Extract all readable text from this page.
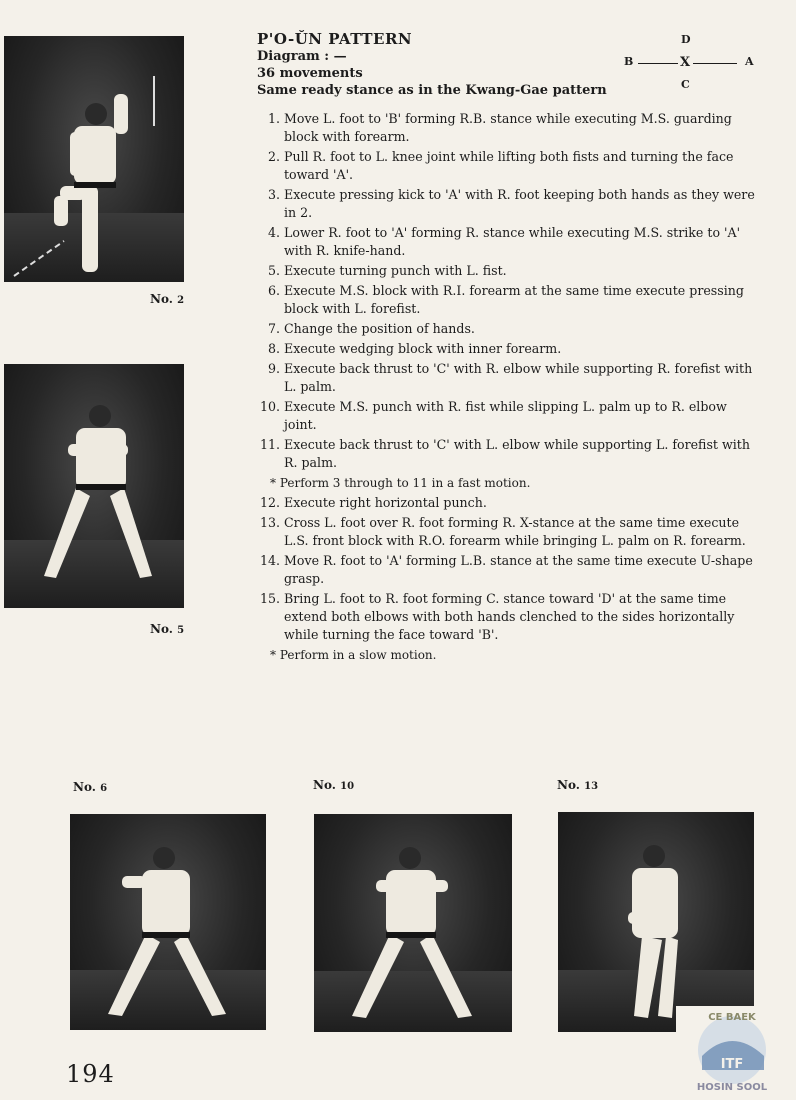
P'O-ŬN PATTERN
Diagram : —
36 movements
Same ready stance as in the Kwang-Gae pattern
D
B	X	A
C
1. Move L. foot to 'B' forming R.B. stance while executing M.S. guarding block with forearm.
2. Pull R. foot to L. knee joint while lifting both fists and turning the face toward 'A'.
3. Execute pressing kick to 'A' with R. foot keeping both hands as they were in 2.
4. Lower R. foot to 'A' forming R. stance while executing M.S. strike to 'A' with R. knife-hand.
5. Execute turning punch with L. fist.
6. Execute M.S. block with R.I. forearm at the same time execute pressing block with L. forefist.
7. Change the position of hands.
8. Execute wedging block with inner forearm.
9. Execute back thrust to 'C' with R. elbow while supporting R. forefist with L. palm.
10. Execute M.S. punch with R. fist while slipping L. palm up to R. elbow joint.
11. Execute back thrust to 'C' with L. elbow while supporting L. forefist with R. palm.
* Perform 3 through to 11 in a fast motion.
12. Execute right horizontal punch.
13. Cross L. foot over R. foot forming R. X-stance at the same time execute L.S. front block with R.O. forearm while bringing L. palm on R. forearm.
14. Move R. foot to 'A' forming L.B. stance at the same time execute U-shape grasp.
15. Bring L. foot to R. foot forming C. stance toward 'D' at the same time extend both elbows with both hands clenched to the sides horizontally while turning the face toward 'B'.
* Perform in a slow motion.
No. 2
No. 5
No. 6	No. 10	No. 13
194
CE BAEK
ITF
HOSIN SOOL
